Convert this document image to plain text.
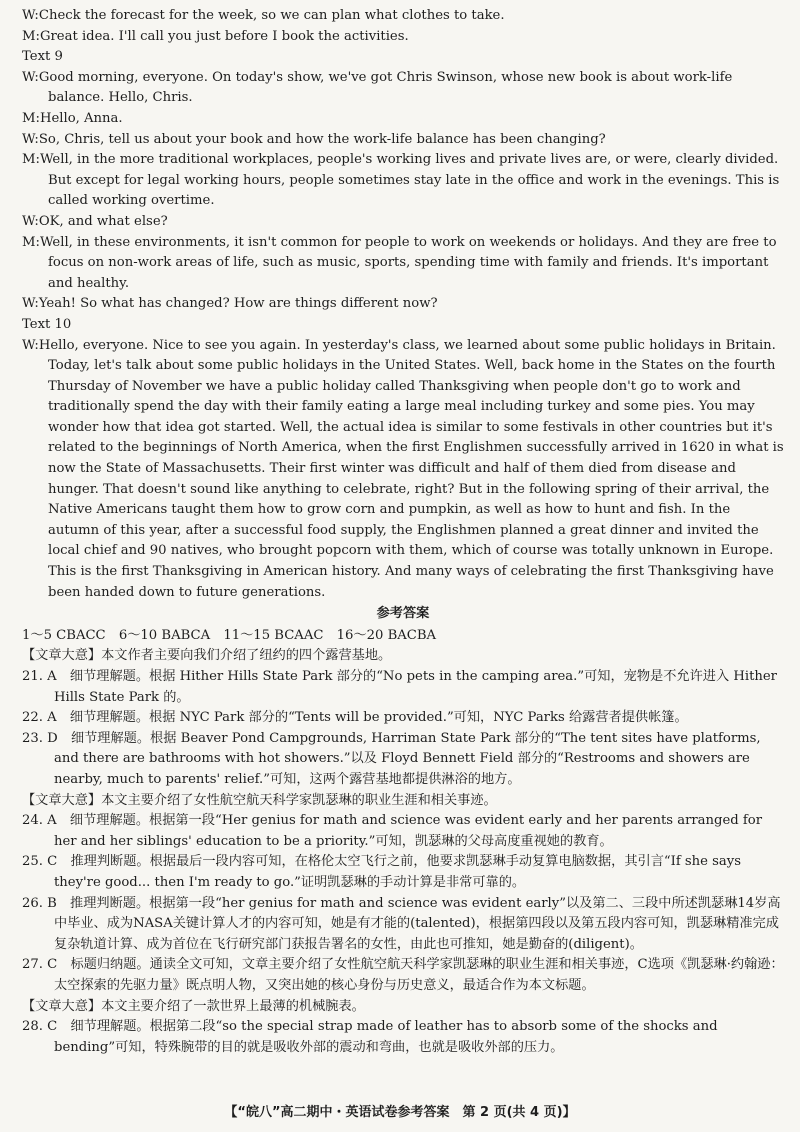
W:Check the forecast for the week, so we can plan what clothes to take.

M:Great idea. I'll call you just before I book the activities.

Text 9

W:Good morning, everyone. On today's show, we've got Chris Swinson, whose new book is about work-life balance. Hello, Chris.

M:Hello, Anna.

W:So, Chris, tell us about your book and how the work-life balance has been changing?

M:Well, in the more traditional workplaces, people's working lives and private lives are, or were, clearly divided. But except for legal working hours, people sometimes stay late in the office and work in the evenings. This is called working overtime.

W:OK, and what else?

M:Well, in these environments, it isn't common for people to work on weekends or holidays. And they are free to focus on non-work areas of life, such as music, sports, spending time with family and friends. It's important and healthy.

W:Yeah! So what has changed? How are things different now?

Text 10

W:Hello, everyone. Nice to see you again. In yesterday's class, we learned about some public holidays in Britain. Today, let's talk about some public holidays in the United States. Well, back home in the States on the fourth Thursday of November we have a public holiday called Thanksgiving when people don't go to work and traditionally spend the day with their family eating a large meal including turkey and some pies. You may wonder how that idea got started. Well, the actual idea is similar to some festivals in other countries but it's related to the beginnings of North America, when the first Englishmen successfully arrived in 1620 in what is now the State of Massachusetts. Their first winter was difficult and half of them died from disease and hunger. That doesn't sound like anything to celebrate, right? But in the following spring of their arrival, the Native Americans taught them how to grow corn and pumpkin, as well as how to hunt and fish. In the autumn of this year, after a successful food supply, the Englishmen planned a great dinner and invited the local chief and 90 natives, who brought popcorn with them, which of course was totally unknown in Europe. This is the first Thanksgiving in American history. And many ways of celebrating the first Thanksgiving have been handed down to future generations.

参考答案

1～5 CBACC　6～10 BABCA　11～15 BCAAC　16～20 BACBA

【文章大意】本文作者主要向我们介绍了纽约的四个露营基地。

21. A　 细节理解题。根据 Hither Hills State Park 部分的“No pets in the camping area.”可知，宠物是不允许进入 Hither Hills State Park 的。

22. A　 细节理解题。根据 NYC Park 部分的“Tents will be provided.”可知，NYC Parks 给露营者提供帐篷。

23. D　 细节理解题。根据 Beaver Pond Campgrounds, Harriman State Park 部分的“The tent sites have platforms, and there are bathrooms with hot showers.”以及 Floyd Bennett Field 部分的“Restrooms and showers are nearby, much to parents' relief.”可知，这两个露营基地都提供淋浴的地方。

【文章大意】本文主要介绍了女性航空航天科学家凯瑟琳的职业生涯和相关事迹。

24. A　 细节理解题。根据第一段“Her genius for math and science was evident early and her parents arranged for her and her siblings' education to be a priority.”可知，凯瑟琳的父母高度重视她的教育。

25. C　 推理判断题。根据最后一段内容可知，在格伦太空飞行之前，他要求凯瑟琳手动复算电脑数据，其引言“If she says they're good... then I'm ready to go.”证明凯瑟琳的手动计算是非常可靠的。

26. B　 推理判断题。根据第一段“her genius for math and science was evident early”以及第二、三段中所述凯瑟琳14岁高中毕业、成为NASA关键计算人才的内容可知，她是有才能的(talented)，根据第四段以及第五段内容可知，凯瑟琳精准完成复杂轨道计算、成为首位在飞行研究部门获报告署名的女性，由此也可推知，她是勤奋的(diligent)。

27. C　 标题归纳题。通读全文可知，文章主要介绍了女性航空航天科学家凯瑟琳的职业生涯和相关事迹，C选项《凯瑟琳·约翰逊：太空探索的先驱力量》既点明人物，又突出她的核心身份与历史意义，最适合作为本文标题。

【文章大意】本文主要介绍了一款世界上最薄的机械腕表。

28. C　 细节理解题。根据第二段“so the special strap made of leather has to absorb some of the shocks and bending”可知，特殊腕带的目的就是吸收外部的震动和弯曲，也就是吸收外部的压力。

【“皖八”高二期中・英语试卷参考答案　第 2 页(共 4 页)】
